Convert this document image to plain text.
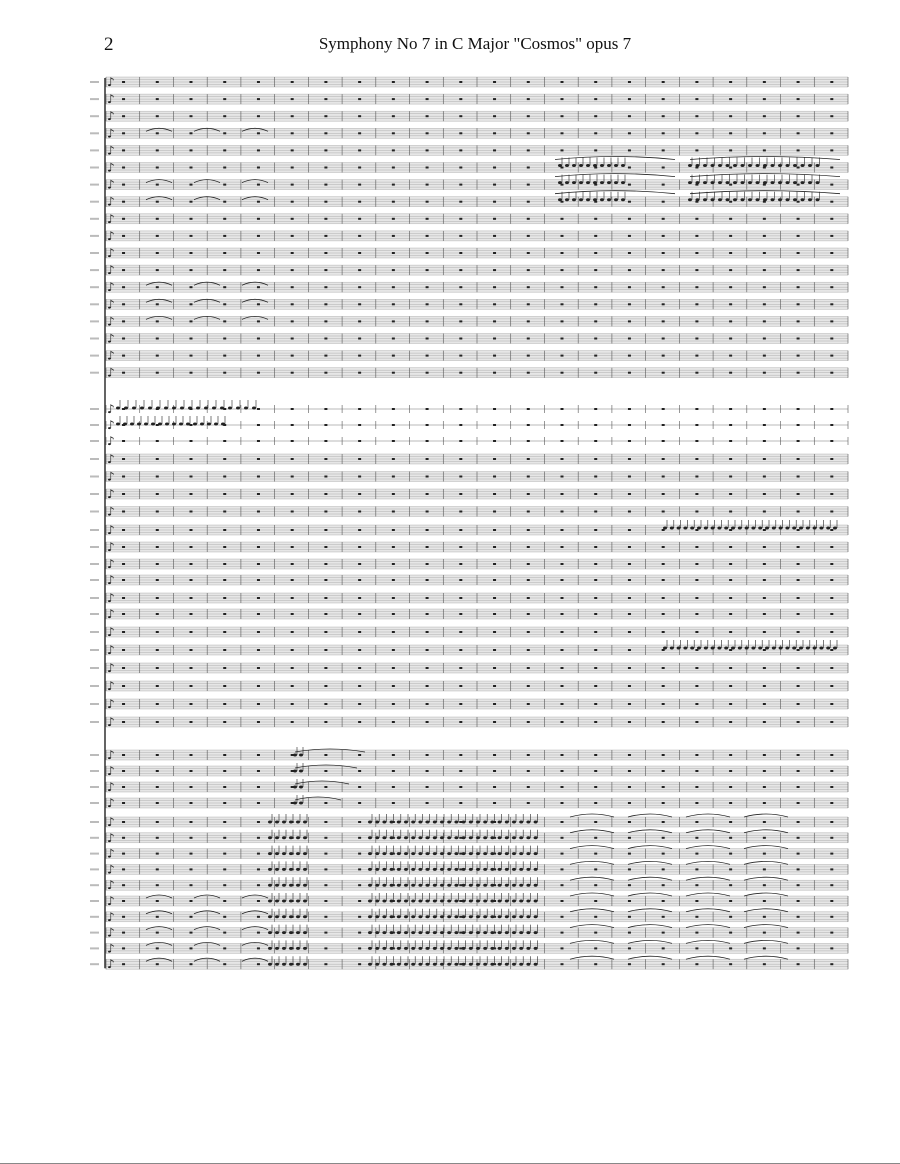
2	Symphony No 7 in C Major "Cosmos" opus 7
♪
♪
♪
♪
♪
♪
♪
♪
♪
♪
♪
♪
♪
♪
♪
♪
♪
♪
♪
♪
♪
♪
♪
♪
♪
♪
♪
♪
♪
♪
♪
♪
♪
♪
♪
♪
♪
♪
♪
♪
♪
♪
♪
♪
♪
♪
♪
♪
♪
♪
♪
